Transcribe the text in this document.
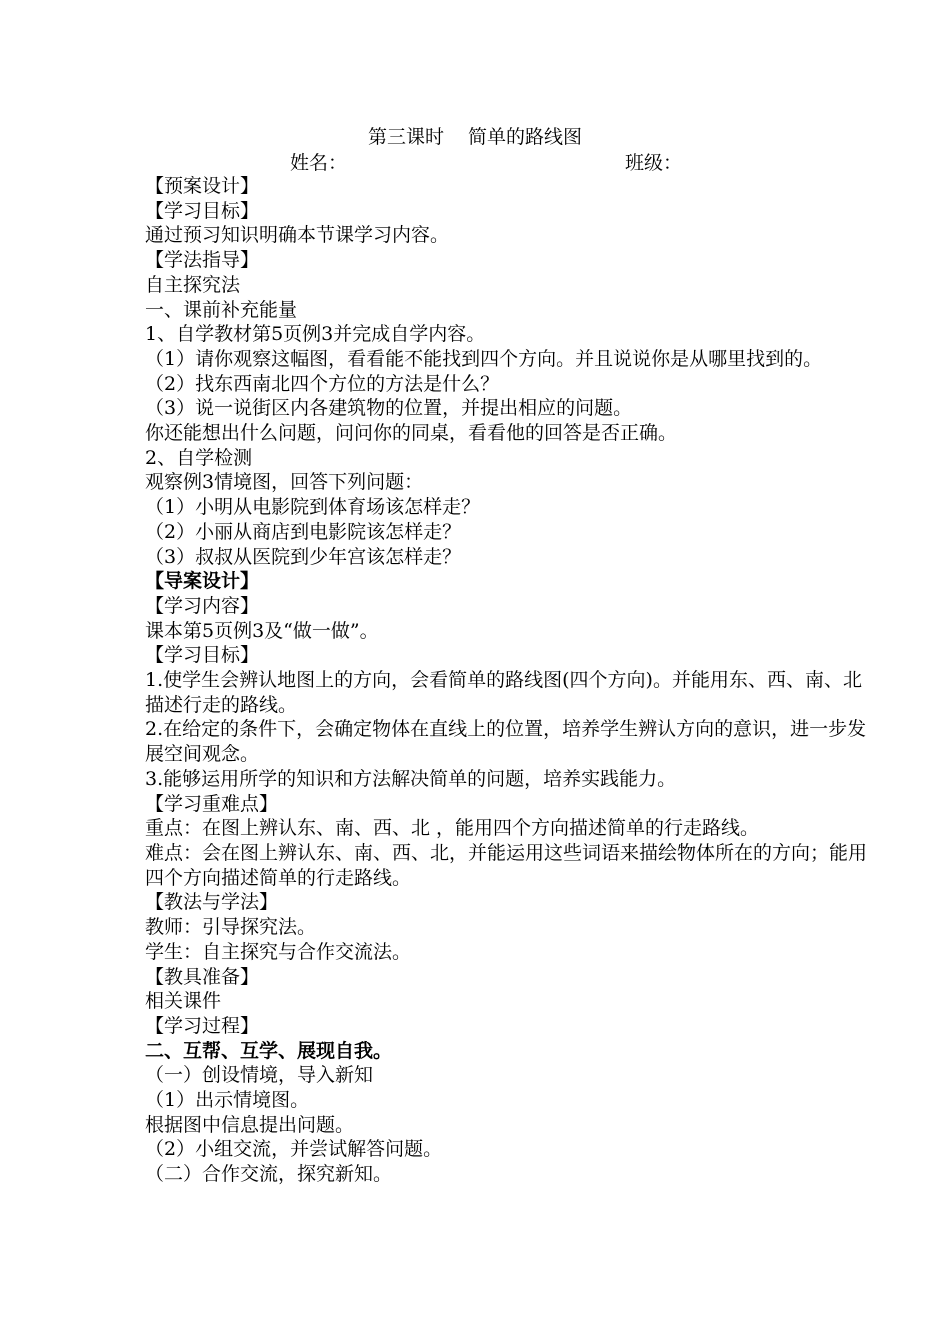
第三课时 简单的路线图
姓名：	班级：

【预案设计】

【学习目标】

通过预习知识明确本节课学习内容。

【学法指导】

自主探究法

一、课前补充能量

1、自学教材第5页例3并完成自学内容。

（1）请你观察这幅图，看看能不能找到四个方向。并且说说你是从哪里找到的。

（2）找东西南北四个方位的方法是什么？

（3）说一说街区内各建筑物的位置，并提出相应的问题。

你还能想出什么问题，问问你的同桌，看看他的回答是否正确。

2、自学检测

观察例3情境图，回答下列问题：

（1）小明从电影院到体育场该怎样走？

（2）小丽从商店到电影院该怎样走？

（3）叔叔从医院到少年宫该怎样走？

【导案设计】

【学习内容】

课本第5页例3及“做一做”。

【学习目标】

1.使学生会辨认地图上的方向，会看简单的路线图(四个方向)。并能用东、西、南、北描述行走的路线。

2.在给定的条件下，会确定物体在直线上的位置，培养学生辨认方向的意识，进一步发展空间观念。

3.能够运用所学的知识和方法解决简单的问题，培养实践能力。

【学习重难点】

重点：在图上辨认东、南、西、北 ，能用四个方向描述简单的行走路线。

难点：会在图上辨认东、南、西、北，并能运用这些词语来描绘物体所在的方向；能用四个方向描述简单的行走路线。

【教法与学法】

教师：引导探究法。

学生：自主探究与合作交流法。

【教具准备】

相关课件

【学习过程】

二、互帮、互学、展现自我。

（一）创设情境，导入新知

（1）出示情境图。

根据图中信息提出问题。

（2）小组交流，并尝试解答问题。

（二）合作交流，探究新知。
